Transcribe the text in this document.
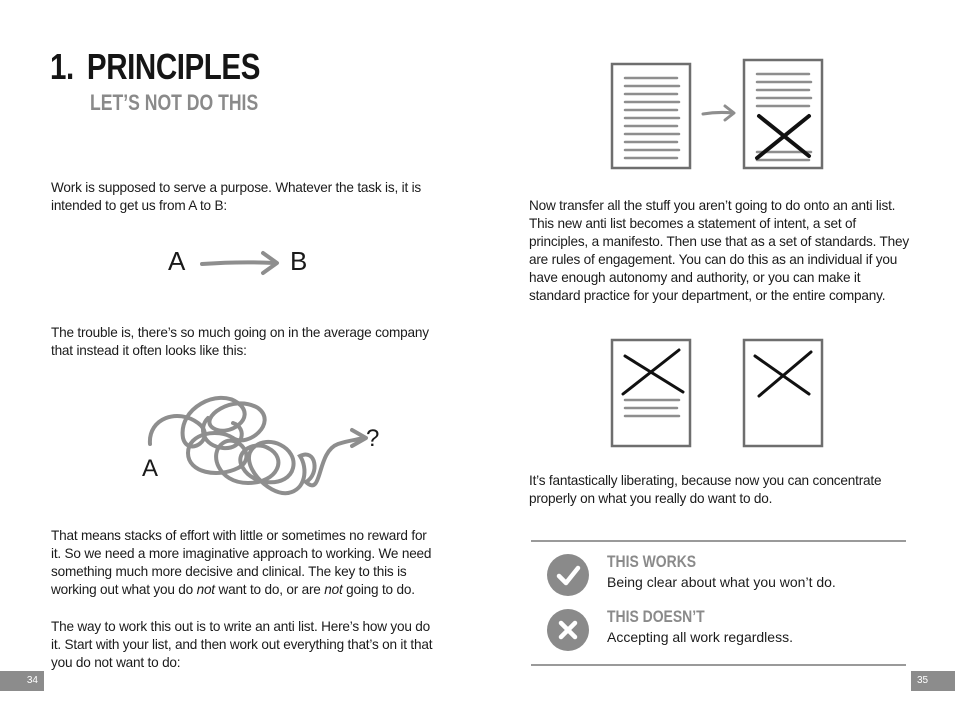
1. PRINCIPLES
LET’S NOT DO THIS

Work is supposed to serve a purpose. Whatever the task is, it is intended to get us from A to B:

A	B

The trouble is, there’s so much going on in the average company that instead it often looks like this:

A
?

That means stacks of effort with little or sometimes no reward for it. So we need a more imaginative approach to working. We need something much more decisive and clinical. The key to this is working out what you do not want to do, or are not going to do.

The way to work this out is to write an anti list. Here’s how you do it. Start with your list, and then work out everything that’s on it that you do not want to do:

34

Now transfer all the stuff you aren’t going to do onto an anti list. This new anti list becomes a statement of intent, a set of principles, a manifesto. Then use that as a set of standards. They are rules of engagement. You can do this as an individual if you have enough autonomy and authority, or you can make it standard practice for your department, or the entire company.

It’s fantastically liberating, because now you can concentrate properly on what you really do want to do.

THIS WORKS

Being clear about what you won’t do.

THIS DOESN’T

Accepting all work regardless.

35
